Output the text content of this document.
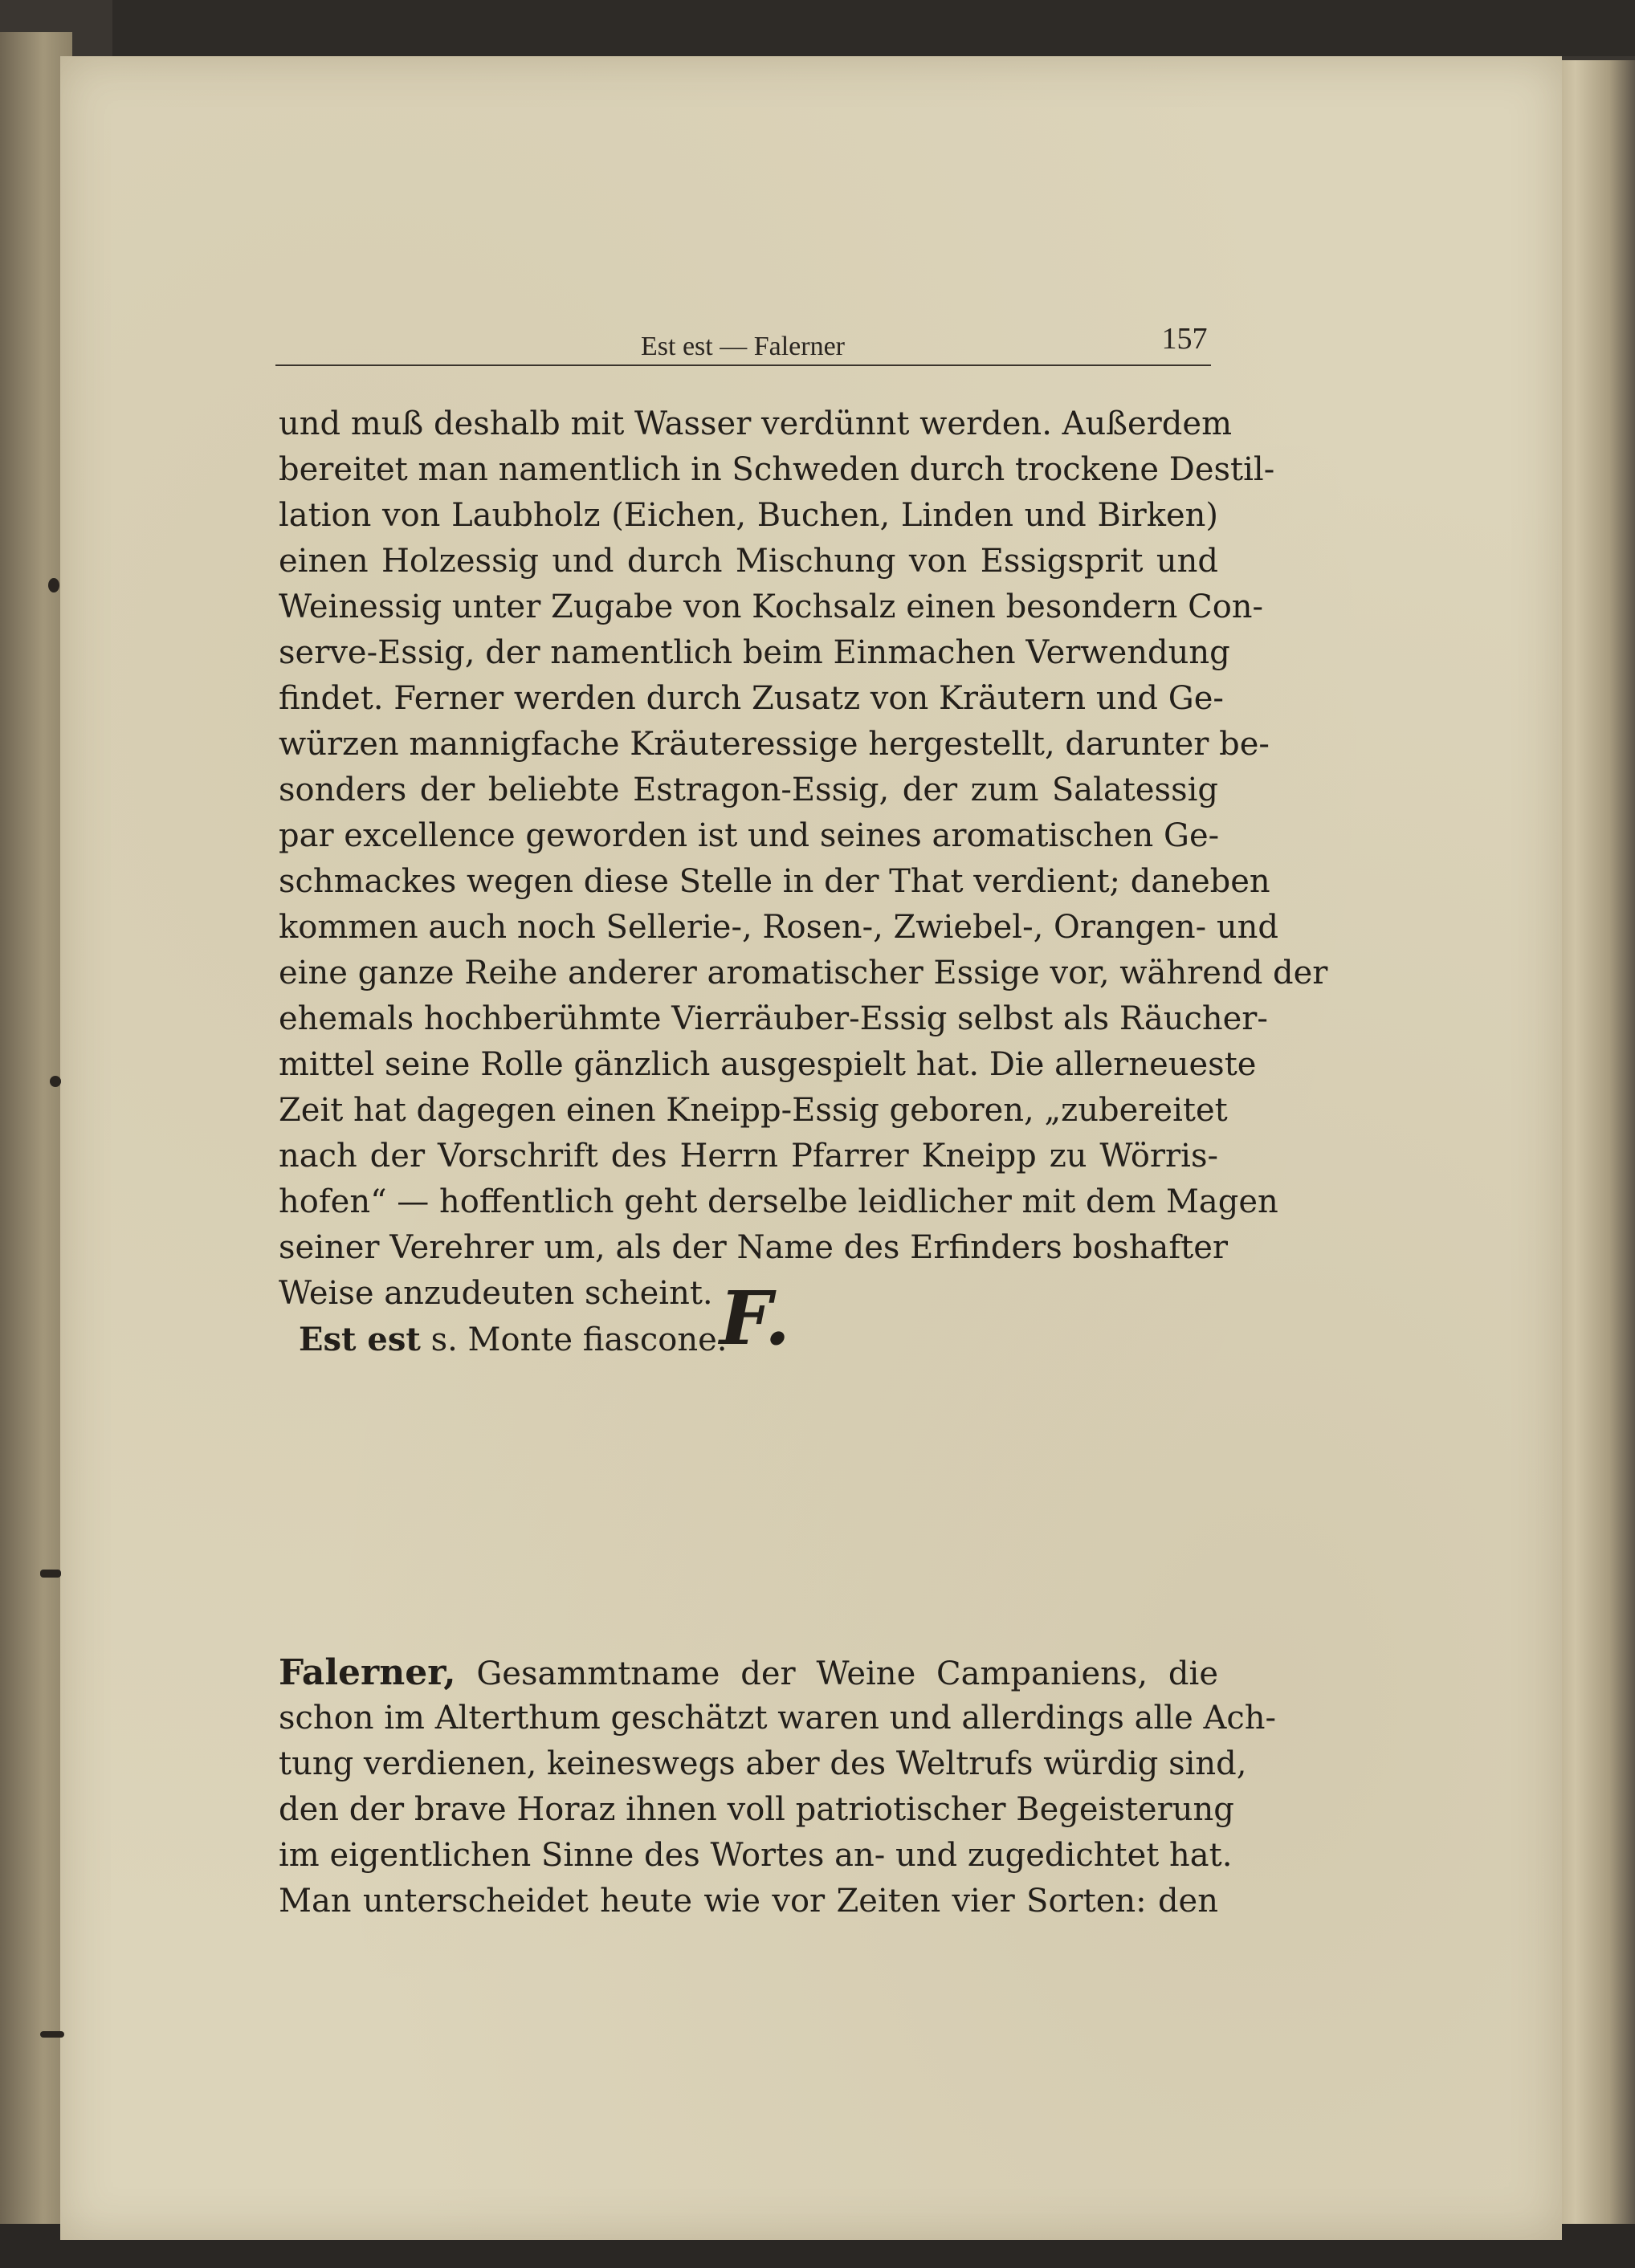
Est est — Falerner	157
und muß deshalb mit Wasser verdünnt werden. Außerdem
bereitet man namentlich in Schweden durch trockene Destil-
lation von Laubholz (Eichen, Buchen, Linden und Birken)
einen Holzessig und durch Mischung von Essigsprit und
Weinessig unter Zugabe von Kochsalz einen besondern Con-
serve-Essig, der namentlich beim Einmachen Verwendung
findet. Ferner werden durch Zusatz von Kräutern und Ge-
würzen mannigfache Kräuteressige hergestellt, darunter be-
sonders der beliebte Estragon-Essig, der zum Salatessig
par excellence geworden ist und seines aromatischen Ge-
schmackes wegen diese Stelle in der That verdient; daneben
kommen auch noch Sellerie-, Rosen-, Zwiebel-, Orangen- und
eine ganze Reihe anderer aromatischer Essige vor, während der
ehemals hochberühmte Vierräuber-Essig selbst als Räucher-
mittel seine Rolle gänzlich ausgespielt hat. Die allerneueste
Zeit hat dagegen einen Kneipp-Essig geboren, „zubereitet
nach der Vorschrift des Herrn Pfarrer Kneipp zu Wörris-
hofen“ — hoffentlich geht derselbe leidlicher mit dem Magen
seiner Verehrer um, als der Name des Erfinders boshafter
Weise anzudeuten scheint.
Est est s. Monte fiascone.
F.
Falerner, Gesammtname der Weine Campaniens, die
schon im Alterthum geschätzt waren und allerdings alle Ach-
tung verdienen, keineswegs aber des Weltrufs würdig sind,
den der brave Horaz ihnen voll patriotischer Begeisterung
im eigentlichen Sinne des Wortes an- und zugedichtet hat.
Man unterscheidet heute wie vor Zeiten vier Sorten: den
